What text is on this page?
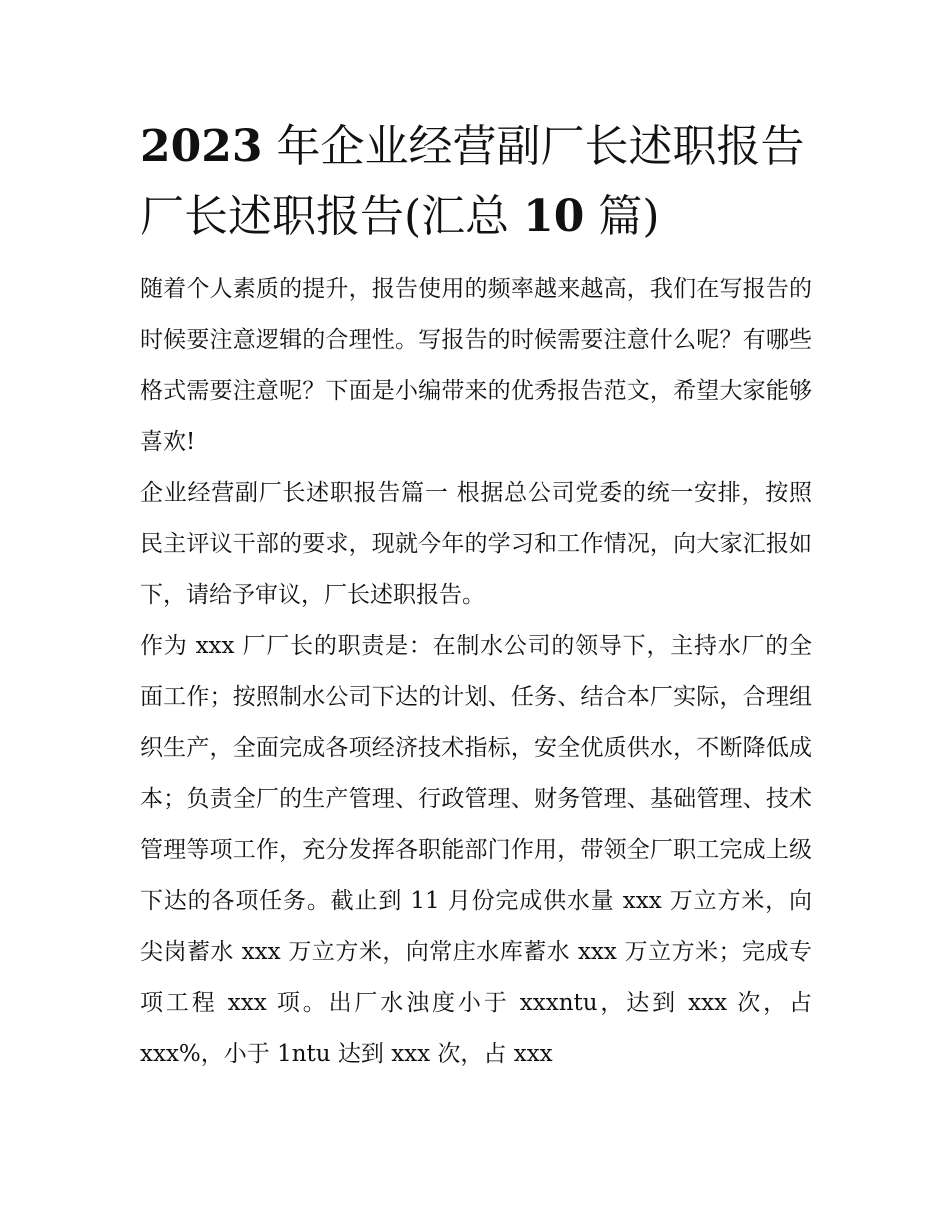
2023 年企业经营副厂长述职报告 厂长述职报告(汇总 10 篇)

随着个人素质的提升，报告使用的频率越来越高，我们在写报告的时候要注意逻辑的合理性。写报告的时候需要注意什么呢？有哪些格式需要注意呢？下面是小编带来的优秀报告范文，希望大家能够喜欢!

企业经营副厂长述职报告篇一 根据总公司党委的统一安排，按照民主评议干部的要求，现就今年的学习和工作情况，向大家汇报如下，请给予审议，厂长述职报告。

作为 xxx 厂厂长的职责是：在制水公司的领导下，主持水厂的全面工作；按照制水公司下达的计划、任务、结合本厂实际，合理组织生产，全面完成各项经济技术指标，安全优质供水，不断降低成本；负责全厂的生产管理、行政管理、财务管理、基础管理、技术管理等项工作，充分发挥各职能部门作用，带领全厂职工完成上级下达的各项任务。截止到 11 月份完成供水量 xxx 万立方米，向尖岗蓄水 xxx 万立方米，向常庄水库蓄水 xxx 万立方米；完成专项工程 xxx 项。出厂水浊度小于 xxxntu，达到 xxx 次，占 xxx%，小于 1ntu 达到 xxx 次，占 xxx
